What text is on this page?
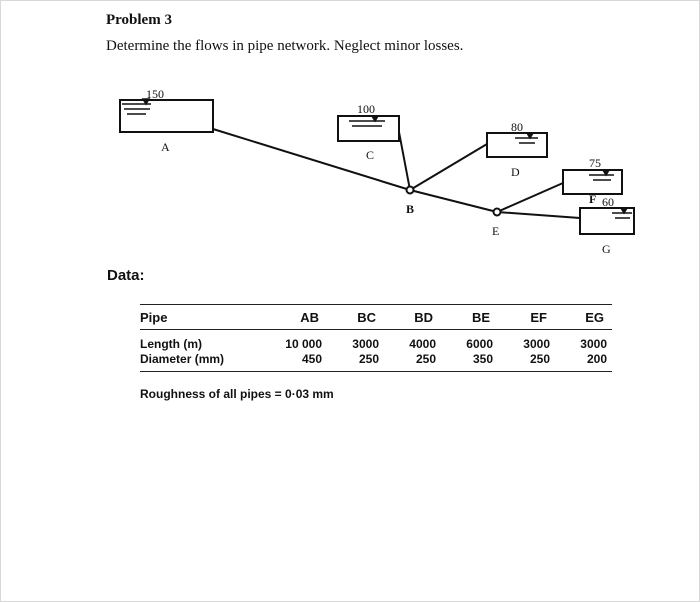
Problem 3
Determine the flows in pipe network. Neglect minor losses.
150
A
100
C
80
D
75
F 60
G
B
E
Data:
Pipe	AB	BC	BD	BE	EF	EG
Length (m)	10 000	3000	4000	6000	3000	3000
Diameter (mm)	450	250	250	350	250	200
Roughness of all pipes = 0·03 mm
